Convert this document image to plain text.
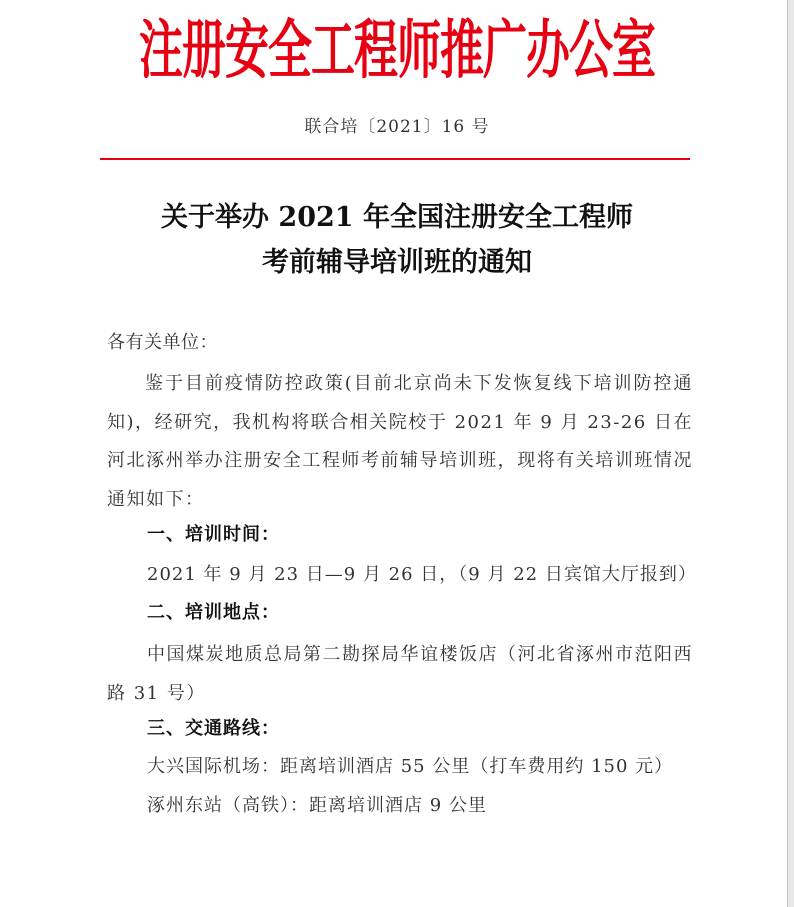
注册安全工程师推广办公室
联合培〔2021〕16 号
关于举办 2021 年全国注册安全工程师
考前辅导培训班的通知
各有关单位：
鉴于目前疫情防控政策(目前北京尚未下发恢复线下培训防控通知)，经研究，我机构将联合相关院校于 2021 年 9 月 23-26 日在河北涿州举办注册安全工程师考前辅导培训班，现将有关培训班情况通知如下：
一、培训时间：
2021 年 9 月 23 日—9 月 26 日，（9 月 22 日宾馆大厅报到）
二、培训地点：
中国煤炭地质总局第二勘探局华谊楼饭店（河北省涿州市范阳西路 31 号）
三、交通路线：
大兴国际机场：距离培训酒店 55 公里（打车费用约 150 元）
涿州东站（高铁）：距离培训酒店 9 公里
